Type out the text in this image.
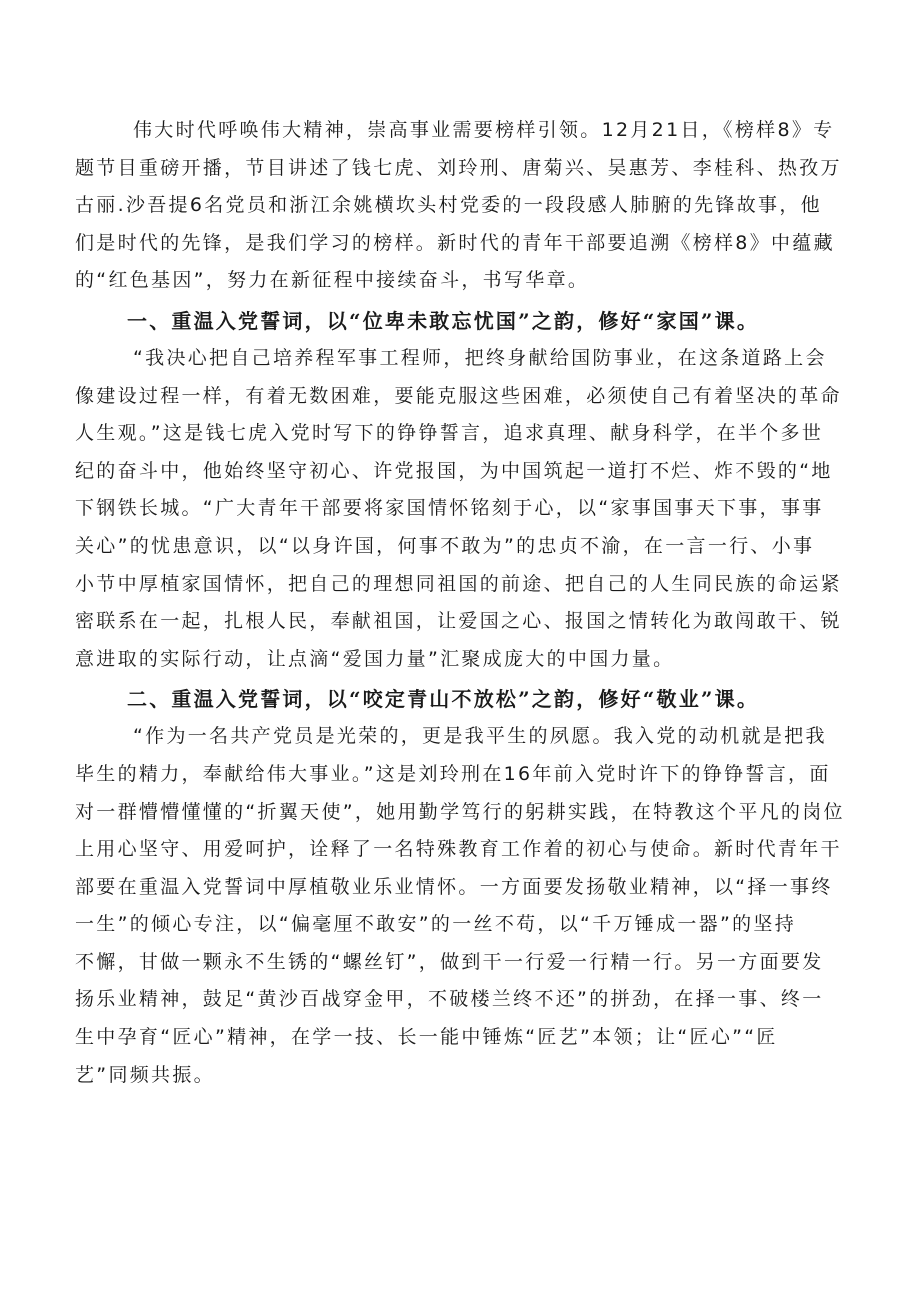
伟大时代呼唤伟大精神，崇高事业需要榜样引领。12月21日，《榜样8》专
题节目重磅开播，节目讲述了钱七虎、刘玲刑、唐菊兴、吴惠芳、李桂科、热孜万
古丽.沙吾提6名党员和浙江余姚横坎头村党委的一段段感人肺腑的先锋故事，他
们是时代的先锋，是我们学习的榜样。新时代的青年干部要追溯《榜样8》中蕴藏
的“红色基因”，努力在新征程中接续奋斗，书写华章。
一、重温入党誓词，以“位卑未敢忘忧国”之韵，修好“家国”课。
“我决心把自己培养程军事工程师，把终身献给国防事业，在这条道路上会
像建设过程一样，有着无数困难，要能克服这些困难，必须使自己有着坚决的革命
人生观。”这是钱七虎入党时写下的铮铮誓言，追求真理、献身科学，在半个多世
纪的奋斗中，他始终坚守初心、许党报国，为中国筑起一道打不烂、炸不毁的“地
下钢铁长城。“广大青年干部要将家国情怀铭刻于心，以“家事国事天下事，事事
关心”的忧患意识，以“以身许国，何事不敢为”的忠贞不渝，在一言一行、小事
小节中厚植家国情怀，把自己的理想同祖国的前途、把自己的人生同民族的命运紧
密联系在一起，扎根人民，奉献祖国，让爱国之心、报国之情转化为敢闯敢干、锐
意进取的实际行动，让点滴“爱国力量”汇聚成庞大的中国力量。
二、重温入党誓词，以“咬定青山不放松”之韵，修好“敬业”课。
“作为一名共产党员是光荣的，更是我平生的夙愿。我入党的动机就是把我
毕生的精力，奉献给伟大事业。”这是刘玲刑在16年前入党时许下的铮铮誓言，面
对一群懵懵懂懂的“折翼天使”，她用勤学笃行的躬耕实践，在特教这个平凡的岗位
上用心坚守、用爱呵护，诠释了一名特殊教育工作着的初心与使命。新时代青年干
部要在重温入党誓词中厚植敬业乐业情怀。一方面要发扬敬业精神，以“择一事终
一生”的倾心专注，以“偏毫厘不敢安”的一丝不苟，以“千万锤成一器”的坚持
不懈，甘做一颗永不生锈的“螺丝钉”，做到干一行爱一行精一行。另一方面要发
扬乐业精神，鼓足“黄沙百战穿金甲，不破楼兰终不还”的拼劲，在择一事、终一
生中孕育“匠心”精神，在学一技、长一能中锤炼“匠艺”本领；让“匠心”“匠
艺”同频共振。
